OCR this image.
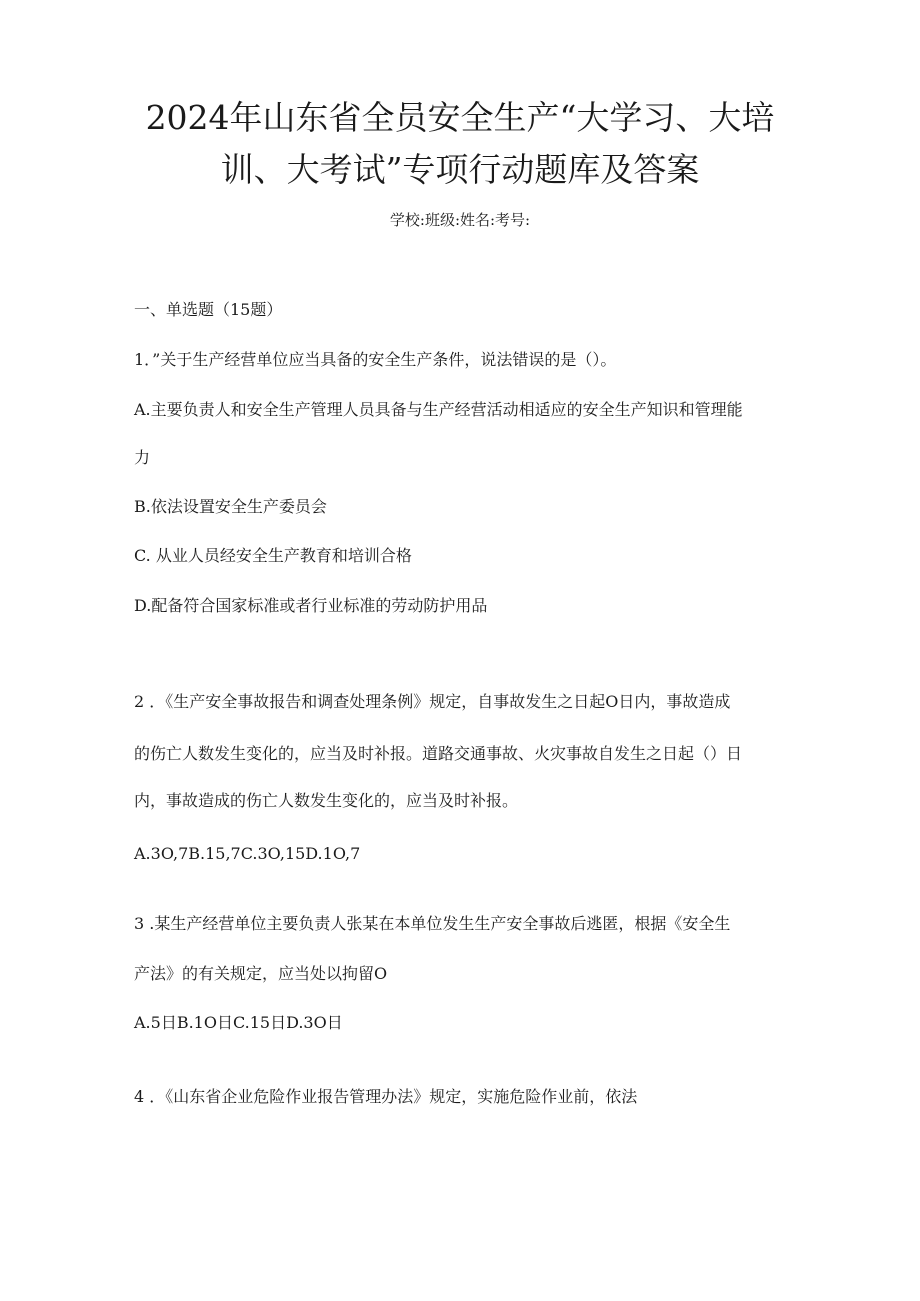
2024年山东省全员安全生产“大学习、大培
训、大考试”专项行动题库及答案
学校:班级:姓名:考号:
一、单选题（15题）
1．”关于生产经营单位应当具备的安全生产条件，说法错误的是（）。
A.主要负责人和安全生产管理人员具备与生产经营活动相适应的安全生产知识和管理能
力
B.依法设置安全生产委员会
C. 从业人员经安全生产教育和培训合格
D.配备符合国家标准或者行业标准的劳动防护用品
2 ．《生产安全事故报告和调查处理条例》规定，自事故发生之日起O日内，事故造成
的伤亡人数发生变化的，应当及时补报。道路交通事故、火灾事故自发生之日起（）日
内，事故造成的伤亡人数发生变化的，应当及时补报。
A.3O,7B.15,7C.3O,15D.1O,7
3 .某生产经营单位主要负责人张某在本单位发生生产安全事故后逃匿，根据《安全生
产法》的有关规定，应当处以拘留O
A.5日B.1O日C.15日D.3O日
4 ．《山东省企业危险作业报告管理办法》规定，实施危险作业前，依法
